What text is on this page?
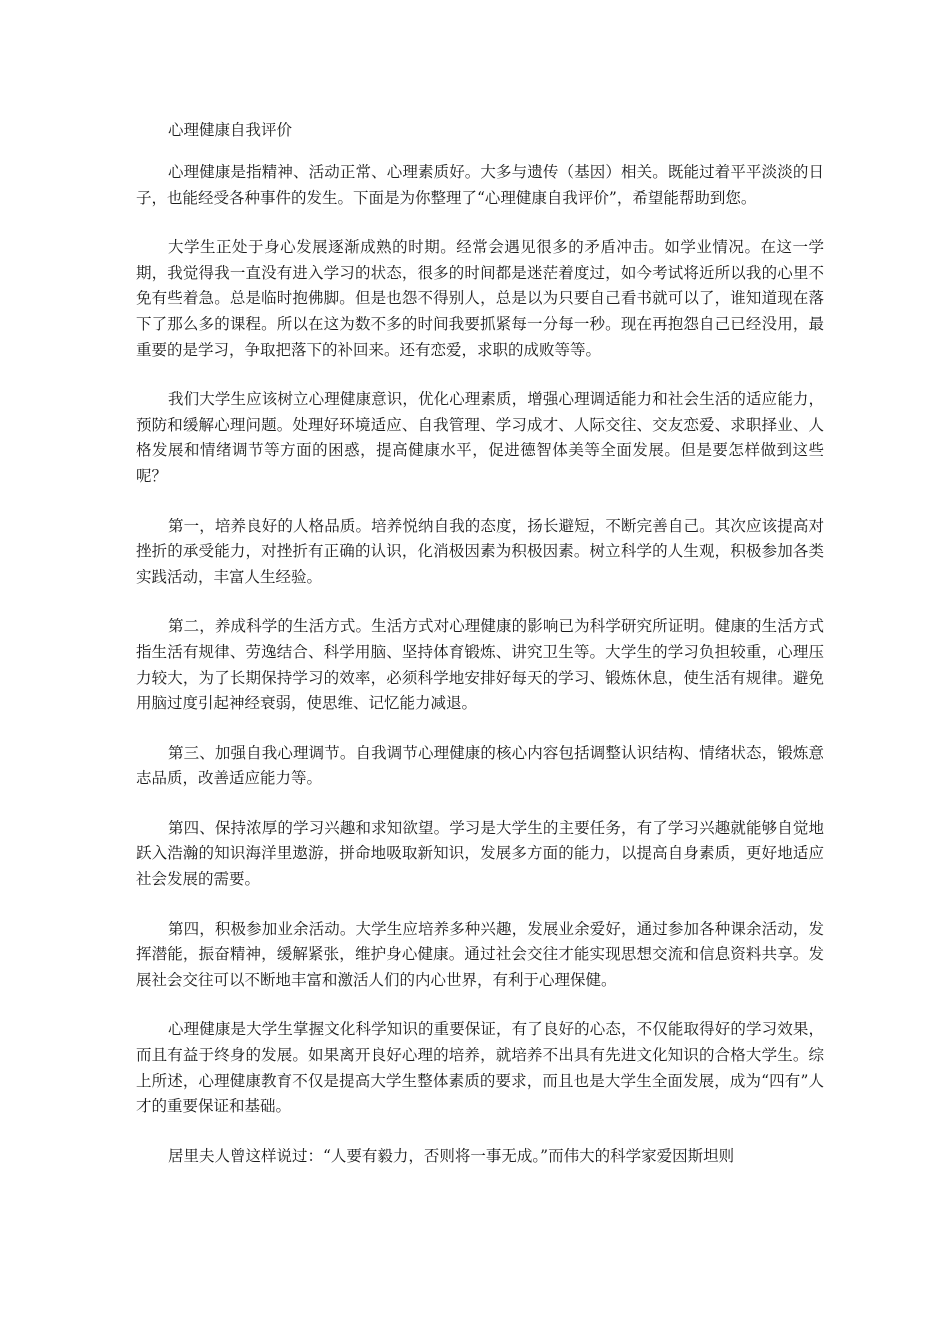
心理健康自我评价

心理健康是指精神、活动正常、心理素质好。大多与遗传（基因）相关。既能过着平平淡淡的日子，也能经受各种事件的发生。下面是为你整理了“心理健康自我评价”，希望能帮助到您。

大学生正处于身心发展逐渐成熟的时期。经常会遇见很多的矛盾冲击。如学业情况。在这一学期，我觉得我一直没有进入学习的状态，很多的时间都是迷茫着度过，如今考试将近所以我的心里不免有些着急。总是临时抱佛脚。但是也怨不得别人，总是以为只要自己看书就可以了，谁知道现在落下了那么多的课程。所以在这为数不多的时间我要抓紧每一分每一秒。现在再抱怨自己已经没用，最重要的是学习，争取把落下的补回来。还有恋爱，求职的成败等等。

我们大学生应该树立心理健康意识，优化心理素质，增强心理调适能力和社会生活的适应能力，预防和缓解心理问题。处理好环境适应、自我管理、学习成才、人际交往、交友恋爱、求职择业、人格发展和情绪调节等方面的困惑，提高健康水平，促进德智体美等全面发展。但是要怎样做到这些呢？

第一，培养良好的人格品质。培养悦纳自我的态度，扬长避短，不断完善自己。其次应该提高对挫折的承受能力，对挫折有正确的认识，化消极因素为积极因素。树立科学的人生观，积极参加各类实践活动，丰富人生经验。

第二，养成科学的生活方式。生活方式对心理健康的影响已为科学研究所证明。健康的生活方式指生活有规律、劳逸结合、科学用脑、坚持体育锻炼、讲究卫生等。大学生的学习负担较重，心理压力较大，为了长期保持学习的效率，必须科学地安排好每天的学习、锻炼休息，使生活有规律。避免用脑过度引起神经衰弱，使思维、记忆能力减退。

第三、加强自我心理调节。自我调节心理健康的核心内容包括调整认识结构、情绪状态，锻炼意志品质，改善适应能力等。

第四、保持浓厚的学习兴趣和求知欲望。学习是大学生的主要任务，有了学习兴趣就能够自觉地跃入浩瀚的知识海洋里遨游，拼命地吸取新知识，发展多方面的能力，以提高自身素质，更好地适应社会发展的需要。

第四，积极参加业余活动。大学生应培养多种兴趣，发展业余爱好，通过参加各种课余活动，发挥潜能，振奋精神，缓解紧张，维护身心健康。通过社会交往才能实现思想交流和信息资料共享。发展社会交往可以不断地丰富和激活人们的内心世界，有利于心理保健。

心理健康是大学生掌握文化科学知识的重要保证，有了良好的心态，不仅能取得好的学习效果，而且有益于终身的发展。如果离开良好心理的培养，就培养不出具有先进文化知识的合格大学生。综上所述，心理健康教育不仅是提高大学生整体素质的要求，而且也是大学生全面发展，成为“四有”人才的重要保证和基础。

居里夫人曾这样说过：“人要有毅力，否则将一事无成。”而伟大的科学家爱因斯坦则
